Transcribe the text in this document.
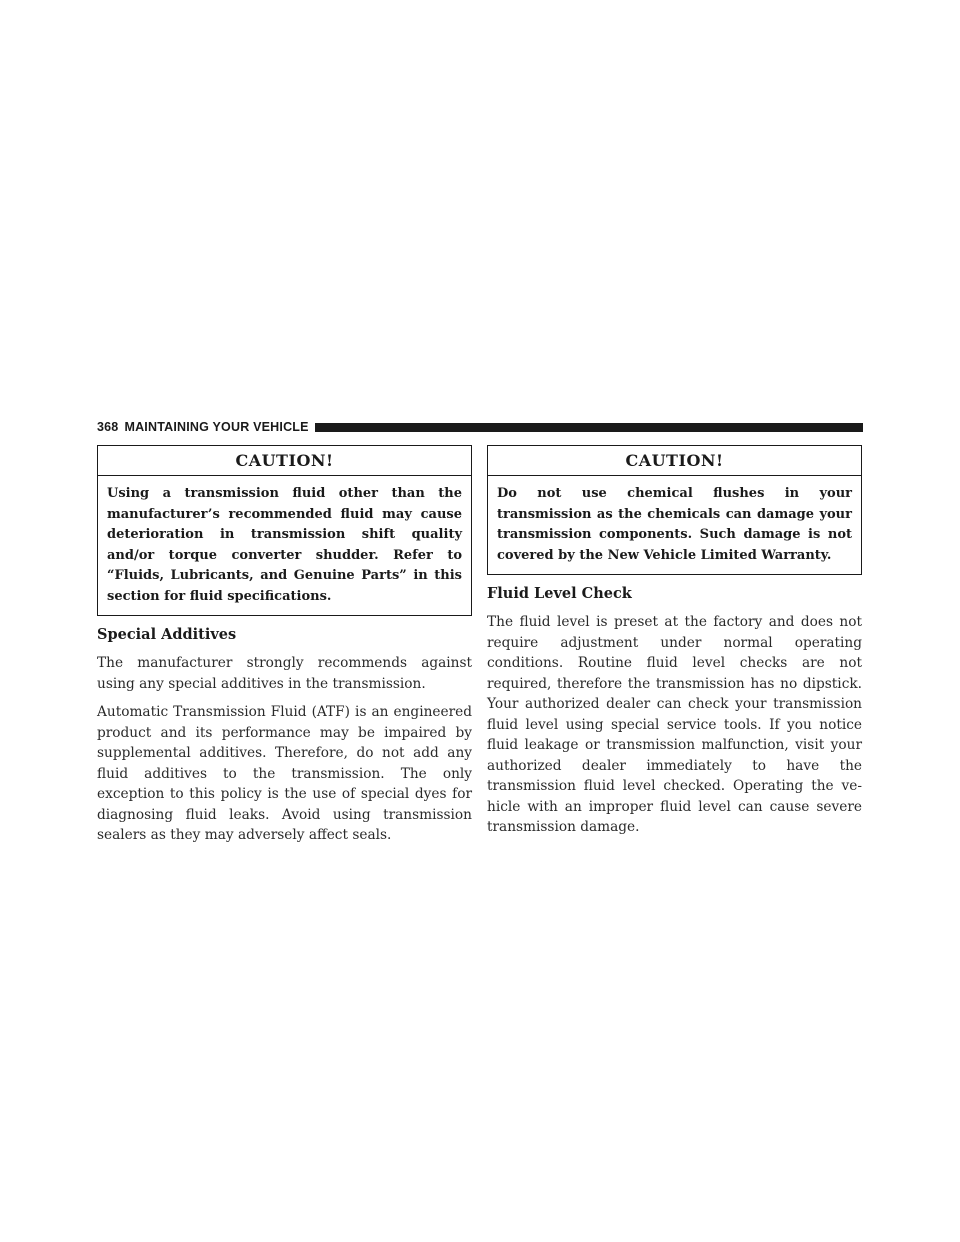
368 MAINTAINING YOUR VEHICLE
CAUTION!
Using a transmission fluid other than the manufacturer’s recommended fluid may cause deterioration in transmission shift quality and/or torque converter shudder. Refer to “Fluids, Lubricants, and Genuine Parts” in this section for fluid specifications.
Special Additives

The manufacturer strongly recommends against using any special additives in the transmission.

Automatic Transmission Fluid (ATF) is an engineered product and its performance may be impaired by supplemental additives. Therefore, do not add any fluid additives to the transmission. The only exception to this policy is the use of special dyes for diagnosing fluid leaks. Avoid using transmission sealers as they may adversely affect seals.

CAUTION!
Do not use chemical flushes in your transmission as the chemicals can damage your transmission components. Such damage is not covered by the New Vehicle Limited Warranty.
Fluid Level Check

The fluid level is preset at the factory and does not require adjustment under normal operating conditions. Routine fluid level checks are not required, therefore the transmission has no dipstick. Your authorized dealer can check your transmission fluid level using special service tools. If you notice fluid leakage or transmission malfunction, visit your authorized dealer immediately to have the transmission fluid level checked. Operating the vehicle with an improper fluid level can cause severe transmission damage.
